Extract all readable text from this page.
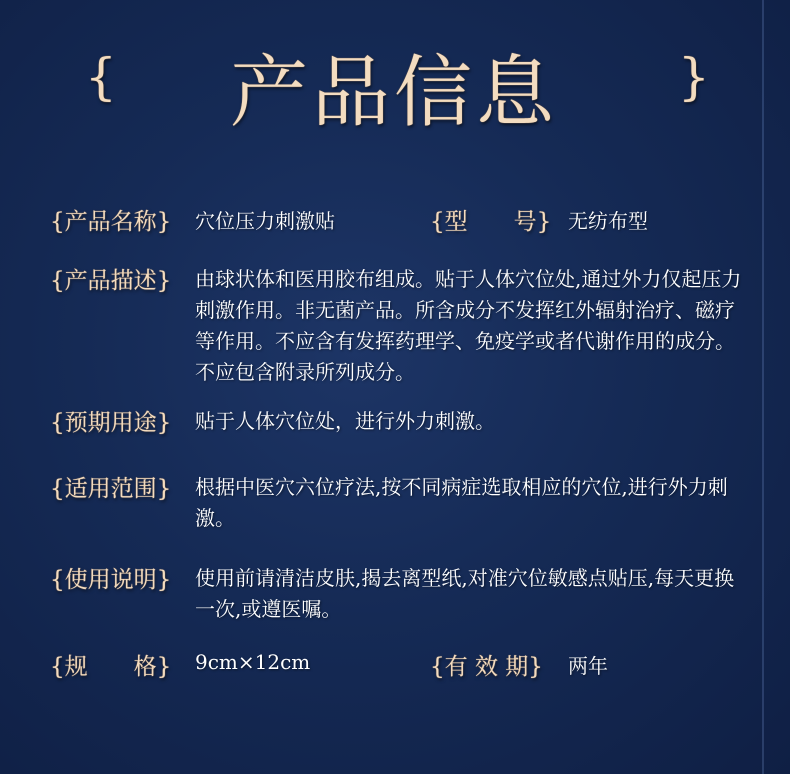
{ 产品信息 }
{产品名称} 穴位压力刺激贴	{型　　号} 无纺布型
{产品描述} 由球状体和医用胶布组成。贴于人体穴位处,通过外力仅起压力刺激作用。非无菌产品。所含成分不发挥红外辐射治疗、磁疗等作用。不应含有发挥药理学、免疫学或者代谢作用的成分。不应包含附录所列成分。
{预期用途} 贴于人体穴位处，进行外力刺激。
{适用范围} 根据中医穴六位疗法,按不同病症选取相应的穴位,进行外力刺激。
{使用说明} 使用前请清洁皮肤,揭去离型纸,对准穴位敏感点贴压,每天更换一次,或遵医嘱。
{规　　格} 9cm×12cm	{有 效 期} 两年
